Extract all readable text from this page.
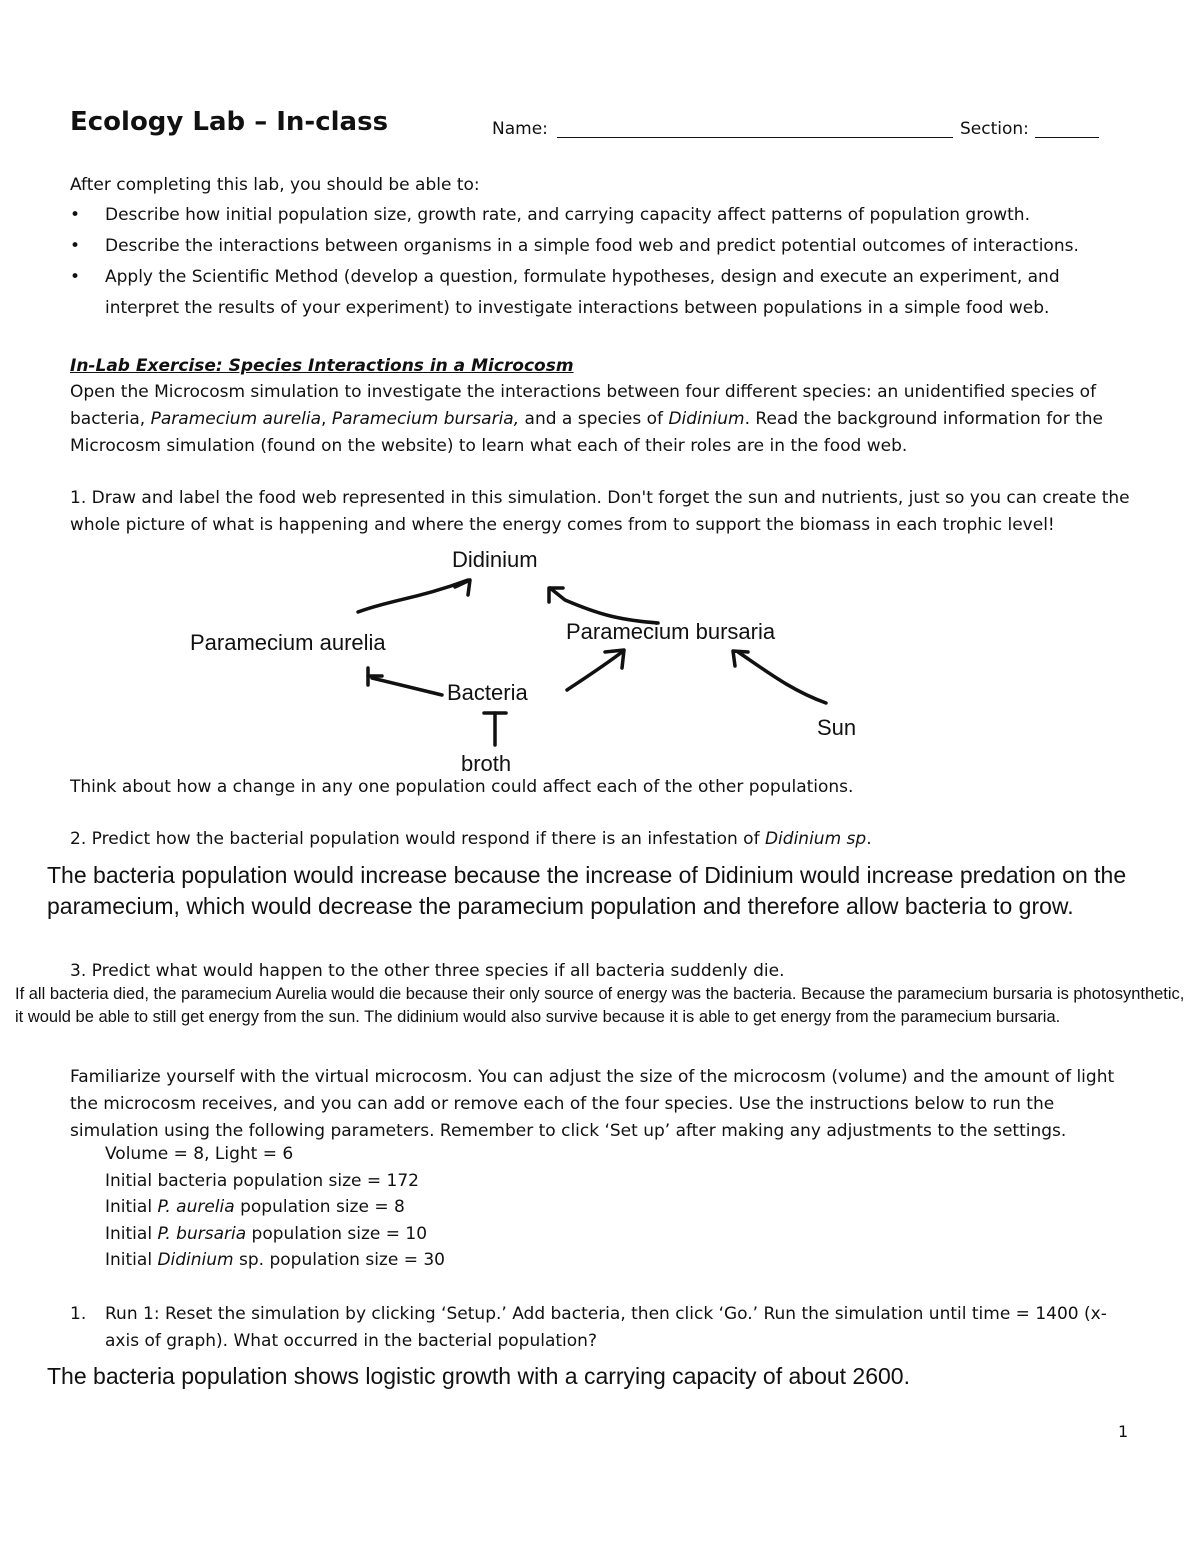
Ecology Lab – In-class	Name:	Section:

After completing this lab, you should be able to:

• Describe how initial population size, growth rate, and carrying capacity affect patterns of population growth.
• Describe the interactions between organisms in a simple food web and predict potential outcomes of interactions.
• Apply the Scientific Method (develop a question, formulate hypotheses, design and execute an experiment, and interpret the results of your experiment) to investigate interactions between populations in a simple food web.
In-Lab Exercise: Species Interactions in a Microcosm

Open the Microcosm simulation to investigate the interactions between four different species: an unidentified species of bacteria, Paramecium aurelia, Paramecium bursaria, and a species of Didinium. Read the background information for the Microcosm simulation (found on the website) to learn what each of their roles are in the food web.

1. Draw and label the food web represented in this simulation. Don't forget the sun and nutrients, just so you can create the whole picture of what is happening and where the energy comes from to support the biomass in each trophic level!

Didinium
Paramecium aurelia	Paramecium bursaria
Bacteria
Sun
broth

Think about how a change in any one population could affect each of the other populations.

2. Predict how the bacterial population would respond if there is an infestation of Didinium sp.

The bacteria population would increase because the increase of Didinium would increase predation on the paramecium, which would decrease the paramecium population and therefore allow bacteria to grow.

3. Predict what would happen to the other three species if all bacteria suddenly die.

If all bacteria died, the paramecium Aurelia would die because their only source of energy was the bacteria. Because the paramecium bursaria is photosynthetic, it would be able to still get energy from the sun. The didinium would also survive because it is able to get energy from the paramecium bursaria.

Familiarize yourself with the virtual microcosm. You can adjust the size of the microcosm (volume) and the amount of light the microcosm receives, and you can add or remove each of the four species. Use the instructions below to run the simulation using the following parameters. Remember to click ‘Set up’ after making any adjustments to the settings.

Volume = 8, Light = 6
Initial bacteria population size = 172
Initial P. aurelia population size = 8
Initial P. bursaria population size = 10
Initial Didinium sp. population size = 30
1. Run 1: Reset the simulation by clicking ‘Setup.’ Add bacteria, then click ‘Go.’ Run the simulation until time = 1400 (x-axis of graph). What occurred in the bacterial population?

The bacteria population shows logistic growth with a carrying capacity of about 2600.

1
